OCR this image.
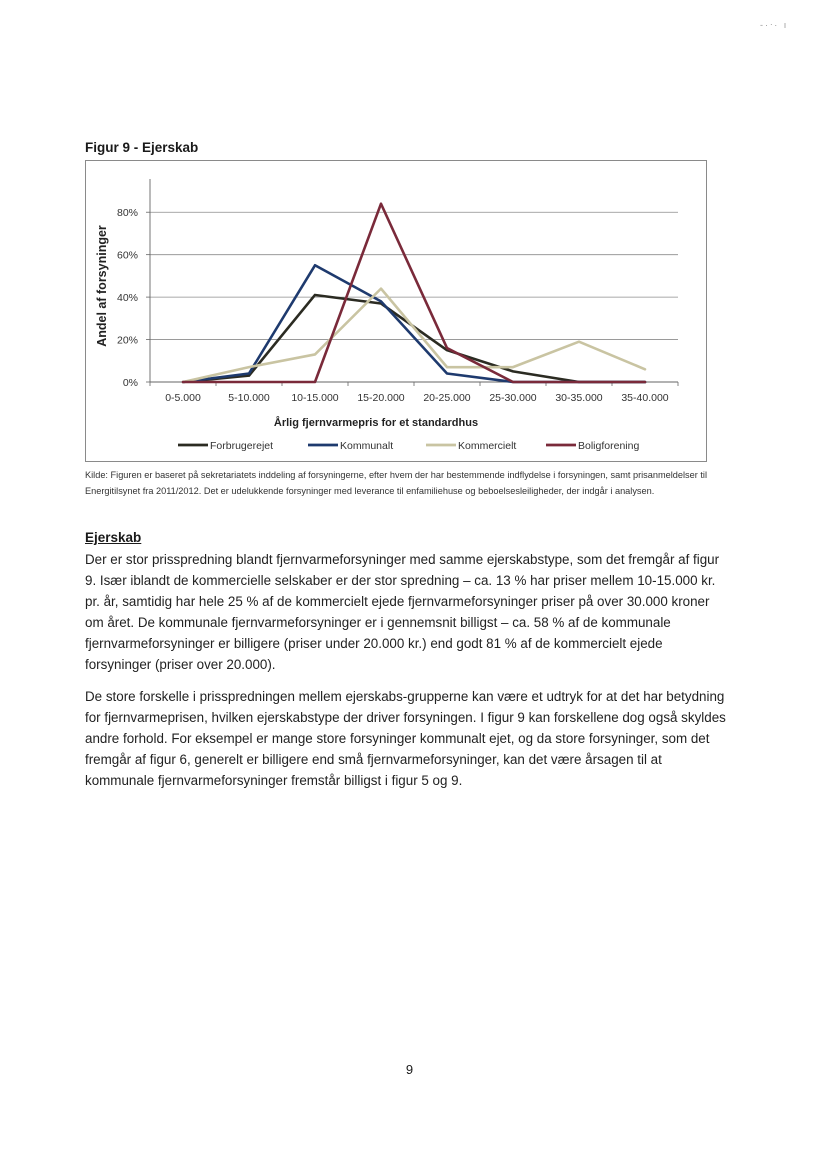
-·ᐧ· ı
Figur 9 - Ejerskab
0%
20%
40%
60%
80%
0-5.000	5-10.000 10-15.000 15-20.000 20-25.000 25-30.000 30-35.000 35-40.000
Andel af forsyninger
Årlig fjernvarmepris for et standardhus
Forbrugerejet	Kommunalt	Kommercielt	Boligforening
Kilde: Figuren er baseret på sekretariatets inddeling af forsyningerne, efter hvem der har bestemmende indflydelse i forsyningen, samt prisanmeldelser til Energitilsynet fra 2011/2012. Det er udelukkende forsyninger med leverance til enfamiliehuse og beboelsesleiligheder, der indgår i analysen.
Ejerskab
Der er stor prisspredning blandt fjernvarmeforsyninger med samme ejerskabstype, som det fremgår af figur 9. Især iblandt de kommercielle selskaber er der stor spredning – ca. 13 % har priser mellem 10-15.000 kr. pr. år, samtidig har hele 25 % af de kommercielt ejede fjernvarmeforsyninger priser på over 30.000 kroner om året. De kommunale fjernvarmeforsyninger er i gennemsnit billigst – ca. 58 % af de kommunale fjernvarmeforsyninger er billigere (priser under 20.000 kr.) end godt 81 % af de kommercielt ejede forsyninger (priser over 20.000).
De store forskelle i prisspredningen mellem ejerskabs-grupperne kan være et udtryk for at det har betydning for fjernvarmeprisen, hvilken ejerskabstype der driver forsyningen. I figur 9 kan forskellene dog også skyldes andre forhold. For eksempel er mange store forsyninger kommunalt ejet, og da store forsyninger, som det fremgår af figur 6, generelt er billigere end små fjernvarmeforsyninger, kan det være årsagen til at kommunale fjernvarmeforsyninger fremstår billigst i figur 5 og 9.
9
